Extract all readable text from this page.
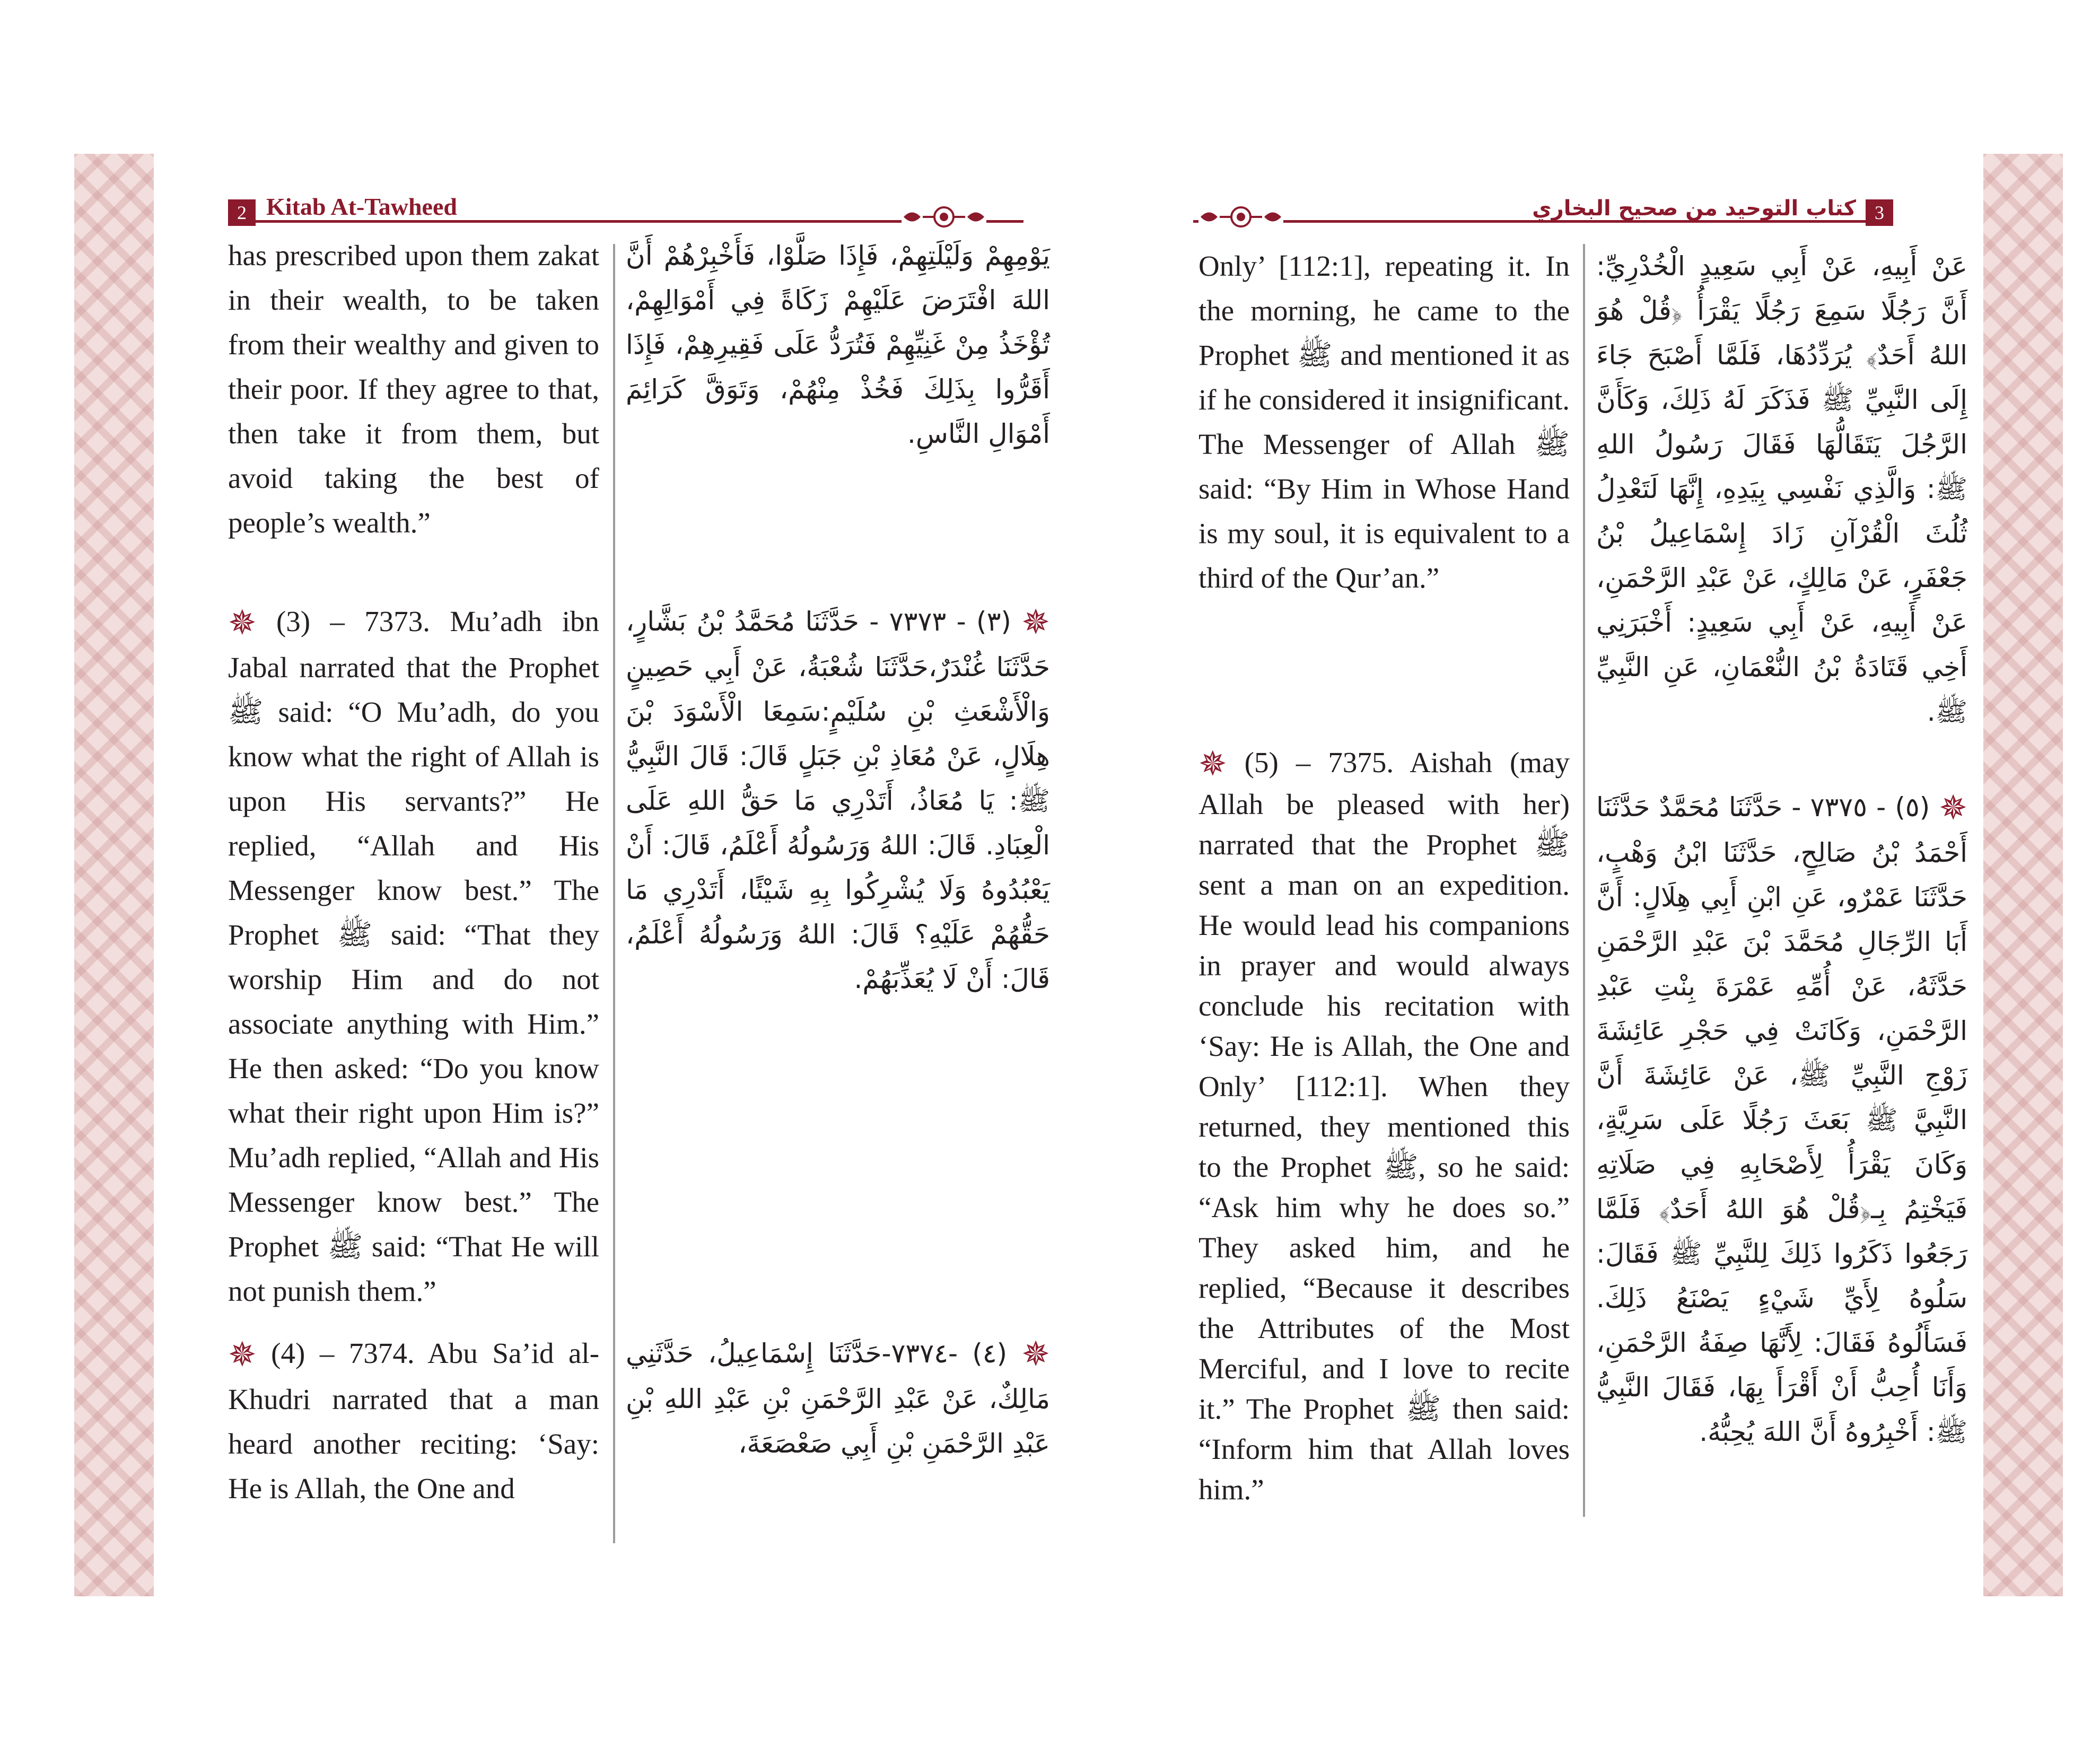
2 Kitab At-Tawheed

has prescribed upon them zakat in their wealth, to be taken from their wealthy and given to their poor. If they agree to that, then take it from them, but avoid taking the best of people’s wealth.”

✵ (3) – 7373. Mu’adh ibn Jabal narrated that the Prophet ﷺ said: “O Mu’adh, do you know what the right of Allah is upon His servants?” He replied, “Allah and His Messenger know best.” The Prophet ﷺ said: “That they worship Him and do not associate anything with Him.” He then asked: “Do you know what their right upon Him is?” Mu’adh replied, “Allah and His Messenger know best.” The Prophet ﷺ said: “That He will not punish them.”

✵ (4) – 7374. Abu Sa’id al-Khudri narrated that a man heard another reciting: ‘Say: He is Allah, the One and

يَوْمِهِمْ وَلَيْلَتِهِمْ، فَإِذَا صَلَّوْا، فَأَخْبِرْهُمْ أَنَّ اللهَ افْتَرَضَ عَلَيْهِمْ زَكَاةً فِي أَمْوَالِهِمْ، تُؤْخَذُ مِنْ غَنِيِّهِمْ فَتُرَدُّ عَلَى فَقِيرِهِمْ، فَإِذَا أَقَرُّوا بِذَلِكَ فَخُذْ مِنْهُمْ، وَتَوَقَّ كَرَائِمَ أَمْوَالِ النَّاسِ.

✵ (٣) - ٧٣٧٣ - حَدَّثَنَا مُحَمَّدُ بْنُ بَشَّارٍ، حَدَّثَنَا غُنْدَرٌ،حَدَّثَنَا شُعْبَةُ، عَنْ أَبِي حَصِينٍ وَالْأَشْعَثِ بْنِ سُلَيْمٍ:سَمِعَا الْأَسْوَدَ بْنَ هِلَالٍ، عَنْ مُعَاذِ بْنِ جَبَلٍ قَالَ: قَالَ النَّبِيُّ ﷺ: يَا مُعَاذُ، أَتَدْرِي مَا حَقُّ اللهِ عَلَى الْعِبَادِ. قَالَ: اللهُ وَرَسُولُهُ أَعْلَمُ، قَالَ: أَنْ يَعْبُدُوهُ وَلَا يُشْرِكُوا بِهِ شَيْئًا، أَتَدْرِي مَا حَقُّهُمْ عَلَيْهِ؟ قَالَ: اللهُ وَرَسُولُهُ أَعْلَمُ، قَالَ: أَنْ لَا يُعَذِّبَهُمْ.

✵ (٤) -٧٣٧٤-حَدَّثَنَا إِسْمَاعِيلُ، حَدَّثَنِي مَالِكٌ، عَنْ عَبْدِ الرَّحْمَنِ بْنِ عَبْدِ اللهِ بْنِ عَبْدِ الرَّحْمَنِ بْنِ أَبِي صَعْصَعَةَ،

كتاب التوحيد من صحيح البخاري 3

Only’ [112:1], repeating it. In the morning, he came to the Prophet ﷺ and mentioned it as if he considered it insignificant. The Messenger of Allah ﷺ said: “By Him in Whose Hand is my soul, it is equivalent to a third of the Qur’an.”

✵ (5) – 7375. Aishah (may Allah be pleased with her) narrated that the Prophet ﷺ sent a man on an expedition. He would lead his companions in prayer and would always conclude his recitation with ‘Say: He is Allah, the One and Only’ [112:1]. When they returned, they mentioned this to the Prophet ﷺ, so he said: “Ask him why he does so.” They asked him, and he replied, “Because it describes the Attributes of the Most Merciful, and I love to recite it.” The Prophet ﷺ then said: “Inform him that Allah loves him.”

عَنْ أَبِيهِ، عَنْ أَبِي سَعِيدٍ الْخُدْرِيِّ: أَنَّ رَجُلًا سَمِعَ رَجُلًا يَقْرَأُ ﴿قُلْ هُوَ اللهُ أَحَدٌ﴾ يُرَدِّدُهَا، فَلَمَّا أَصْبَحَ جَاءَ إِلَى النَّبِيِّ ﷺ فَذَكَرَ لَهُ ذَلِكَ، وَكَأَنَّ الرَّجُلَ يَتَقَالُّهَا فَقَالَ رَسُولُ اللهِ ﷺ: وَالَّذِي نَفْسِي بِيَدِهِ، إِنَّهَا لَتَعْدِلُ ثُلُثَ الْقُرْآنِ زَادَ إِسْمَاعِيلُ بْنُ جَعْفَرٍ، عَنْ مَالِكٍ، عَنْ عَبْدِ الرَّحْمَنِ، عَنْ أَبِيهِ، عَنْ أَبِي سَعِيدٍ: أَخْبَرَنِي أَخِي قَتَادَةُ بْنُ النُّعْمَانِ، عَنِ النَّبِيِّ ﷺ.

✵ (٥) - ٧٣٧٥ - حَدَّثَنَا مُحَمَّدٌ حَدَّثَنَا أَحْمَدُ بْنُ صَالِحٍ، حَدَّثَنَا ابْنُ وَهْبٍ، حَدَّثَنَا عَمْرٌو، عَنِ ابْنِ أَبِي هِلَالٍ: أَنَّ أَبَا الرِّجَالِ مُحَمَّدَ بْنَ عَبْدِ الرَّحْمَنِ حَدَّثَهُ، عَنْ أُمِّهِ عَمْرَةَ بِنْتِ عَبْدِ الرَّحْمَنِ، وَكَانَتْ فِي حَجْرِ عَائِشَةَ زَوْجِ النَّبِيِّ ﷺ، عَنْ عَائِشَةَ أَنَّ النَّبِيَّ ﷺ بَعَثَ رَجُلًا عَلَى سَرِيَّةٍ، وَكَانَ يَقْرَأُ لِأَصْحَابِهِ فِي صَلَاتِهِ فَيَخْتِمُ بِـ﴿قُلْ هُوَ اللهُ أَحَدٌ﴾ فَلَمَّا رَجَعُوا ذَكَرُوا ذَلِكَ لِلنَّبِيِّ ﷺ فَقَالَ: سَلُوهُ لِأَيِّ شَيْءٍ يَصْنَعُ ذَلِكَ. فَسَأَلُوهُ فَقَالَ: لِأَنَّهَا صِفَةُ الرَّحْمَنِ، وَأَنَا أُحِبُّ أَنْ أَقْرَأَ بِهَا، فَقَالَ النَّبِيُّ ﷺ: أَخْبِرُوهُ أَنَّ اللهَ يُحِبُّهُ.
